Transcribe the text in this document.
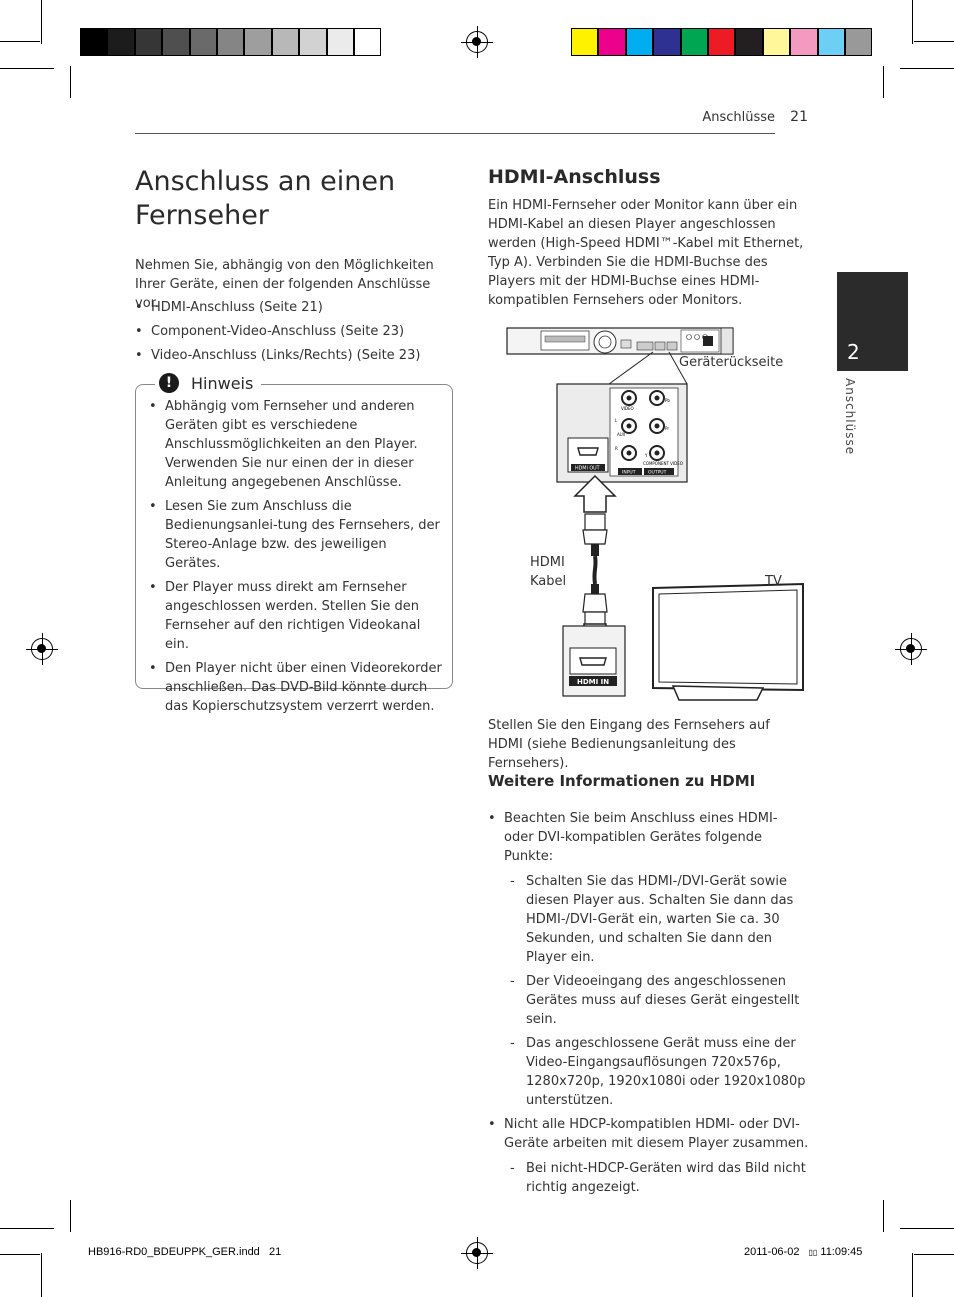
Anschlüsse 21
2
Anschlüsse
Anschluss an einen Fernseher

Nehmen Sie, abhängig von den Möglichkeiten Ihrer Geräte, einen der folgenden Anschlüsse vor.

• HDMI-Anschluss (Seite 21)
• Component-Video-Anschluss (Seite 23)
• Video-Anschluss (Links/Rechts) (Seite 23)
!	Hinweis
• Abhängig vom Fernseher und anderen Geräten gibt es verschiedene Anschlussmöglichkeiten an den Player. Verwenden Sie nur einen der in dieser Anleitung angegebenen Anschlüsse.
• Lesen Sie zum Anschluss die Bedienungsanlei-tung des Fernsehers, der Stereo-Anlage bzw. des jeweiligen Gerätes.
• Der Player muss direkt am Fernseher angeschlossen werden. Stellen Sie den Fernseher auf den richtigen Videokanal ein.
• Den Player nicht über einen Videorekorder anschließen. Das DVD-Bild könnte durch das Kopierschutzsystem verzerrt werden.
HDMI-Anschluss

Ein HDMI-Fernseher oder Monitor kann über ein HDMI-Kabel an diesen Player angeschlossen werden (High-Speed HDMI™-Kabel mit Ethernet, Typ A). Verbinden Sie die HDMI-Buchse des Players mit der HDMI-Buchse eines HDMI-kompatiblen Fernsehers oder Monitors.

VIDEO
AUX
L
R
Pb
Pr
Y
COMPONENT VIDEO
INPUT	OUTPUT
HDMI OUT
HDMI IN
Geräterückseite
HDMI
Kabel	TV

Stellen Sie den Eingang des Fernsehers auf HDMI (siehe Bedienungsanleitung des Fernsehers).

Weitere Informationen zu HDMI
• Beachten Sie beim Anschluss eines HDMI- oder DVI-kompatiblen Gerätes folgende Punkte:
- Schalten Sie das HDMI-/DVI-Gerät sowie diesen Player aus. Schalten Sie dann das HDMI-/DVI-Gerät ein, warten Sie ca. 30 Sekunden, und schalten Sie dann den Player ein.
- Der Videoeingang des angeschlossenen Gerätes muss auf dieses Gerät eingestellt sein.
- Das angeschlossene Gerät muss eine der Video-Eingangsauflösungen 720x576p, 1280x720p, 1920x1080i oder 1920x1080p unterstützen.
• Nicht alle HDCP-kompatiblen HDMI- oder DVI-Geräte arbeiten mit diesem Player zusammen.
- Bei nicht-HDCP-Geräten wird das Bild nicht richtig angezeigt.
HB916-RD0_BDEUPPK_GER.indd   21	2011-06-02 ▯▯ 11:09:45
